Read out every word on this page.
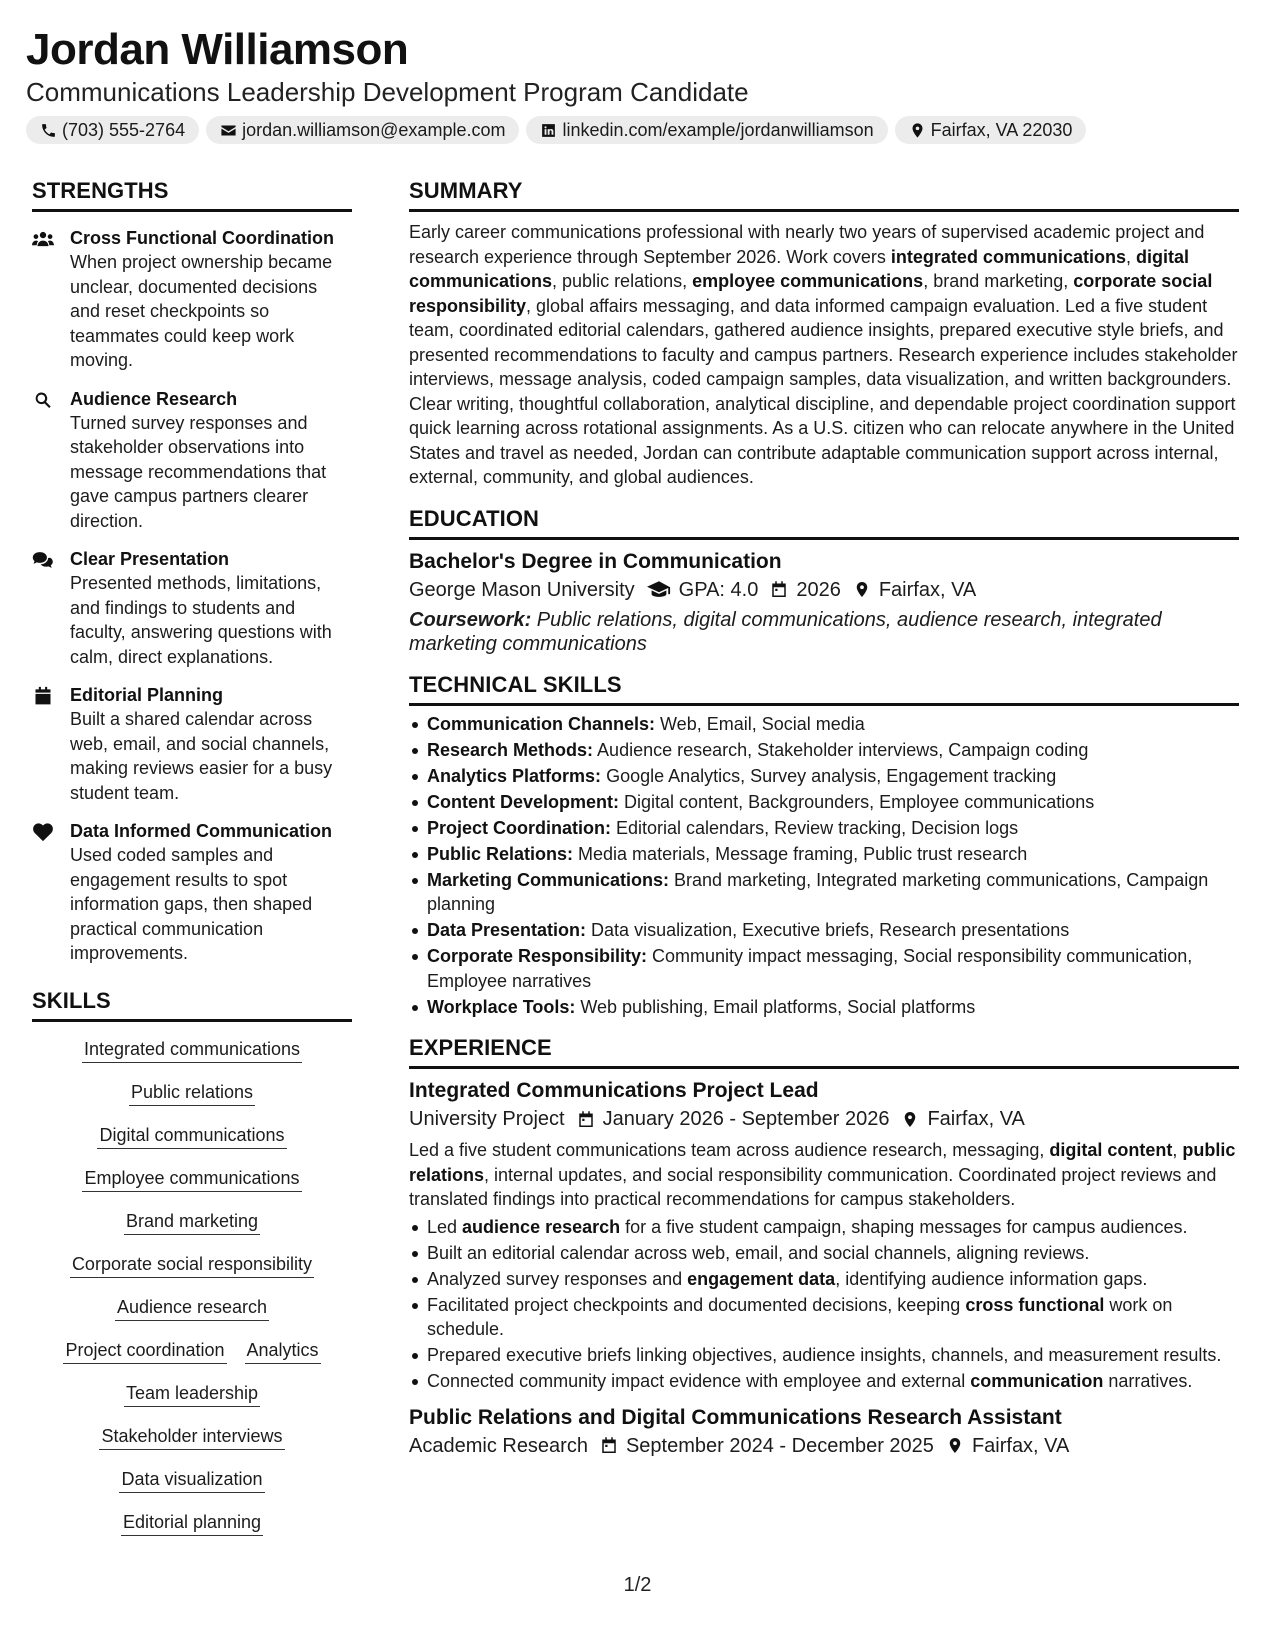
Jordan Williamson
Communications Leadership Development Program Candidate
(703) 555-2764	jordan.williamson@example.com	linkedin.com/example/jordanwilliamson	Fairfax, VA 22030
STRENGTHS
Cross Functional Coordination
When project ownership became unclear, documented decisions and reset checkpoints so teammates could keep work moving.
Audience Research
Turned survey responses and stakeholder observations into message recommendations that gave campus partners clearer direction.
Clear Presentation
Presented methods, limitations, and findings to students and faculty, answering questions with calm, direct explanations.
Editorial Planning
Built a shared calendar across web, email, and social channels, making reviews easier for a busy student team.
Data Informed Communication
Used coded samples and engagement results to spot information gaps, then shaped practical communication improvements.
SKILLS
Integrated communications
Public relations
Digital communications
Employee communications
Brand marketing
Corporate social responsibility
Audience research
Project coordination Analytics
Team leadership
Stakeholder interviews
Data visualization
Editorial planning
SUMMARY
Early career communications professional with nearly two years of supervised academic project and research experience through September 2026. Work covers integrated communications, digital communications, public relations, employee communications, brand marketing, corporate social responsibility, global affairs messaging, and data informed campaign evaluation. Led a five student team, coordinated editorial calendars, gathered audience insights, prepared executive style briefs, and presented recommendations to faculty and campus partners. Research experience includes stakeholder interviews, message analysis, coded campaign samples, data visualization, and written backgrounders. Clear writing, thoughtful collaboration, analytical discipline, and dependable project coordination support quick learning across rotational assignments. As a U.S. citizen who can relocate anywhere in the United States and travel as needed, Jordan can contribute adaptable communication support across internal, external, community, and global audiences.
EDUCATION
Bachelor's Degree in Communication
George Mason University GPA: 4.0 2026 Fairfax, VA
Coursework: Public relations, digital communications, audience research, integrated marketing communications
TECHNICAL SKILLS
Communication Channels: Web, Email, Social media
Research Methods: Audience research, Stakeholder interviews, Campaign coding
Analytics Platforms: Google Analytics, Survey analysis, Engagement tracking
Content Development: Digital content, Backgrounders, Employee communications
Project Coordination: Editorial calendars, Review tracking, Decision logs
Public Relations: Media materials, Message framing, Public trust research
Marketing Communications: Brand marketing, Integrated marketing communications, Campaign planning
Data Presentation: Data visualization, Executive briefs, Research presentations
Corporate Responsibility: Community impact messaging, Social responsibility communication, Employee narratives
Workplace Tools: Web publishing, Email platforms, Social platforms
EXPERIENCE
Integrated Communications Project Lead
University Project January 2026 - September 2026 Fairfax, VA
Led a five student communications team across audience research, messaging, digital content, public relations, internal updates, and social responsibility communication. Coordinated project reviews and translated findings into practical recommendations for campus stakeholders.
Led audience research for a five student campaign, shaping messages for campus audiences.
Built an editorial calendar across web, email, and social channels, aligning reviews.
Analyzed survey responses and engagement data, identifying audience information gaps.
Facilitated project checkpoints and documented decisions, keeping cross functional work on schedule.
Prepared executive briefs linking objectives, audience insights, channels, and measurement results.
Connected community impact evidence with employee and external communication narratives.
Public Relations and Digital Communications Research Assistant
Academic Research September 2024 - December 2025 Fairfax, VA
1/2
